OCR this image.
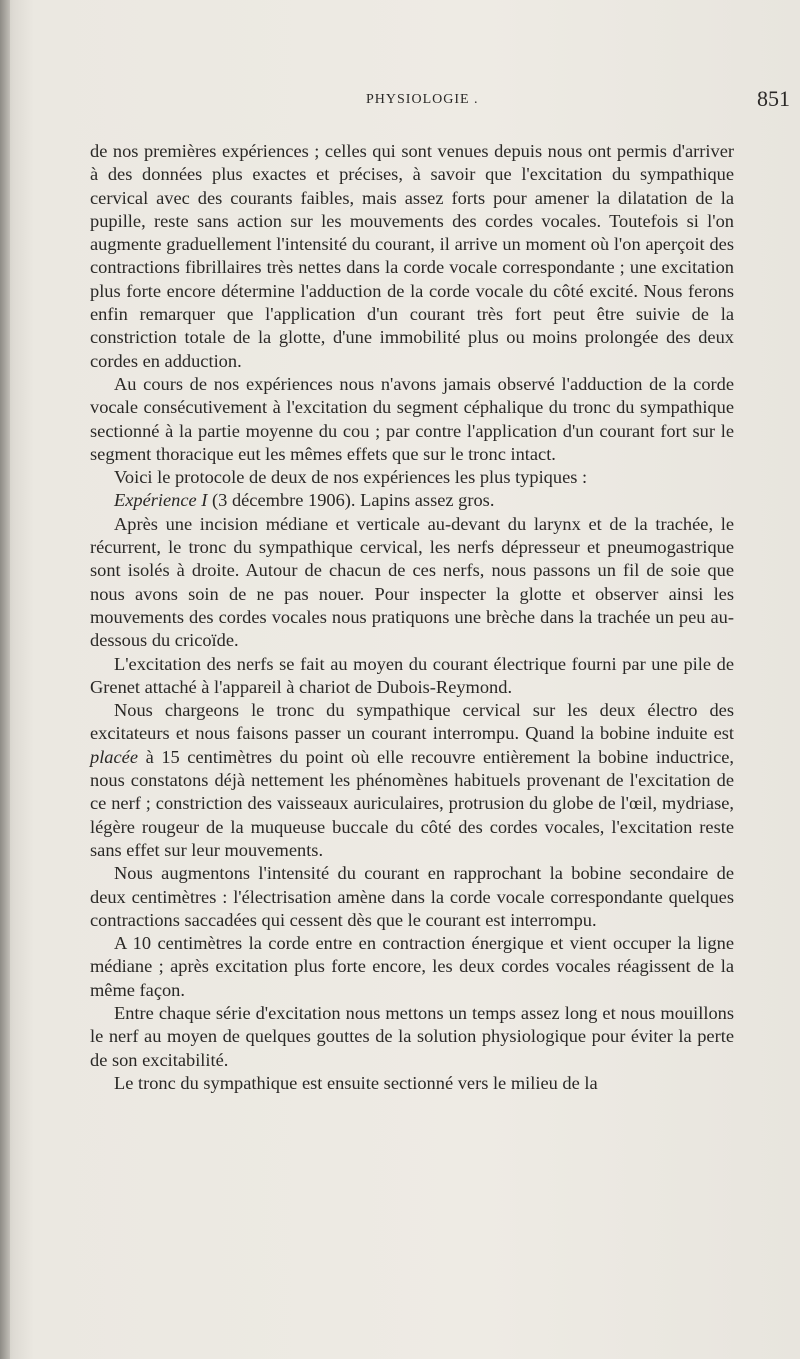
PHYSIOLOGIE .	851

de nos premières expériences ; celles qui sont venues depuis nous ont permis d'arriver à des données plus exactes et précises, à savoir que l'excitation du sympathique cervical avec des courants faibles, mais assez forts pour amener la dilatation de la pupille, reste sans action sur les mouvements des cordes vocales. Toutefois si l'on augmente graduellement l'intensité du courant, il arrive un moment où l'on aperçoit des contractions fibrillaires très nettes dans la corde vocale correspondante ; une excitation plus forte encore détermine l'adduction de la corde vocale du côté excité. Nous ferons enfin remarquer que l'application d'un courant très fort peut être suivie de la constriction totale de la glotte, d'une immobilité plus ou moins prolongée des deux cordes en adduction.

Au cours de nos expériences nous n'avons jamais observé l'adduction de la corde vocale consécutivement à l'excitation du segment céphalique du tronc du sympathique sectionné à la partie moyenne du cou ; par contre l'application d'un courant fort sur le segment thoracique eut les mêmes effets que sur le tronc intact.

Voici le protocole de deux de nos expériences les plus typiques :

Expérience I (3 décembre 1906). Lapins assez gros.

Après une incision médiane et verticale au-devant du larynx et de la trachée, le récurrent, le tronc du sympathique cervical, les nerfs dépresseur et pneumogastrique sont isolés à droite. Autour de chacun de ces nerfs, nous passons un fil de soie que nous avons soin de ne pas nouer. Pour inspecter la glotte et observer ainsi les mouvements des cordes vocales nous pratiquons une brèche dans la trachée un peu au-dessous du cricoïde.

L'excitation des nerfs se fait au moyen du courant électrique fourni par une pile de Grenet attaché à l'appareil à chariot de Dubois-Reymond.

Nous chargeons le tronc du sympathique cervical sur les deux électro des excitateurs et nous faisons passer un courant interrompu. Quand la bobine induite est placée à 15 centimètres du point où elle recouvre entièrement la bobine inductrice, nous constatons déjà nettement les phénomènes habituels provenant de l'excitation de ce nerf ; constriction des vaisseaux auriculaires, protrusion du globe de l'œil, mydriase, légère rougeur de la muqueuse buccale du côté des cordes vocales, l'excitation reste sans effet sur leur mouvements.

Nous augmentons l'intensité du courant en rapprochant la bobine secondaire de deux centimètres : l'électrisation amène dans la corde vocale correspondante quelques contractions saccadées qui cessent dès que le courant est interrompu.

A 10 centimètres la corde entre en contraction énergique et vient occuper la ligne médiane ; après excitation plus forte encore, les deux cordes vocales réagissent de la même façon.

Entre chaque série d'excitation nous mettons un temps assez long et nous mouillons le nerf au moyen de quelques gouttes de la solution physiologique pour éviter la perte de son excitabilité.

Le tronc du sympathique est ensuite sectionné vers le milieu de la
